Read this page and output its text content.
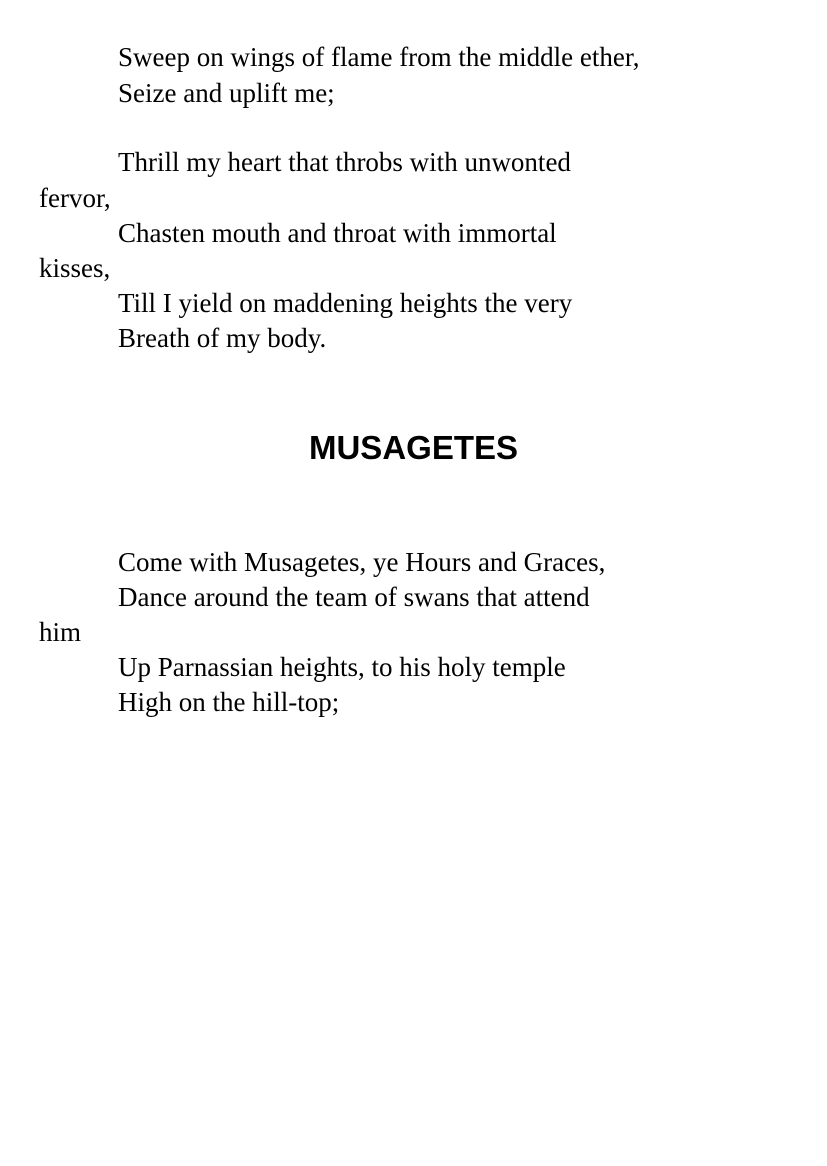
Sweep on wings of flame from the middle ether,
Seize and uplift me;
Thrill my heart that throbs with unwonted
fervor,
Chasten mouth and throat with immortal
kisses,
Till I yield on maddening heights the very
Breath of my body.
MUSAGETES
Come with Musagetes, ye Hours and Graces,
Dance around the team of swans that attend
him
Up Parnassian heights, to his holy temple
High on the hill-top;
